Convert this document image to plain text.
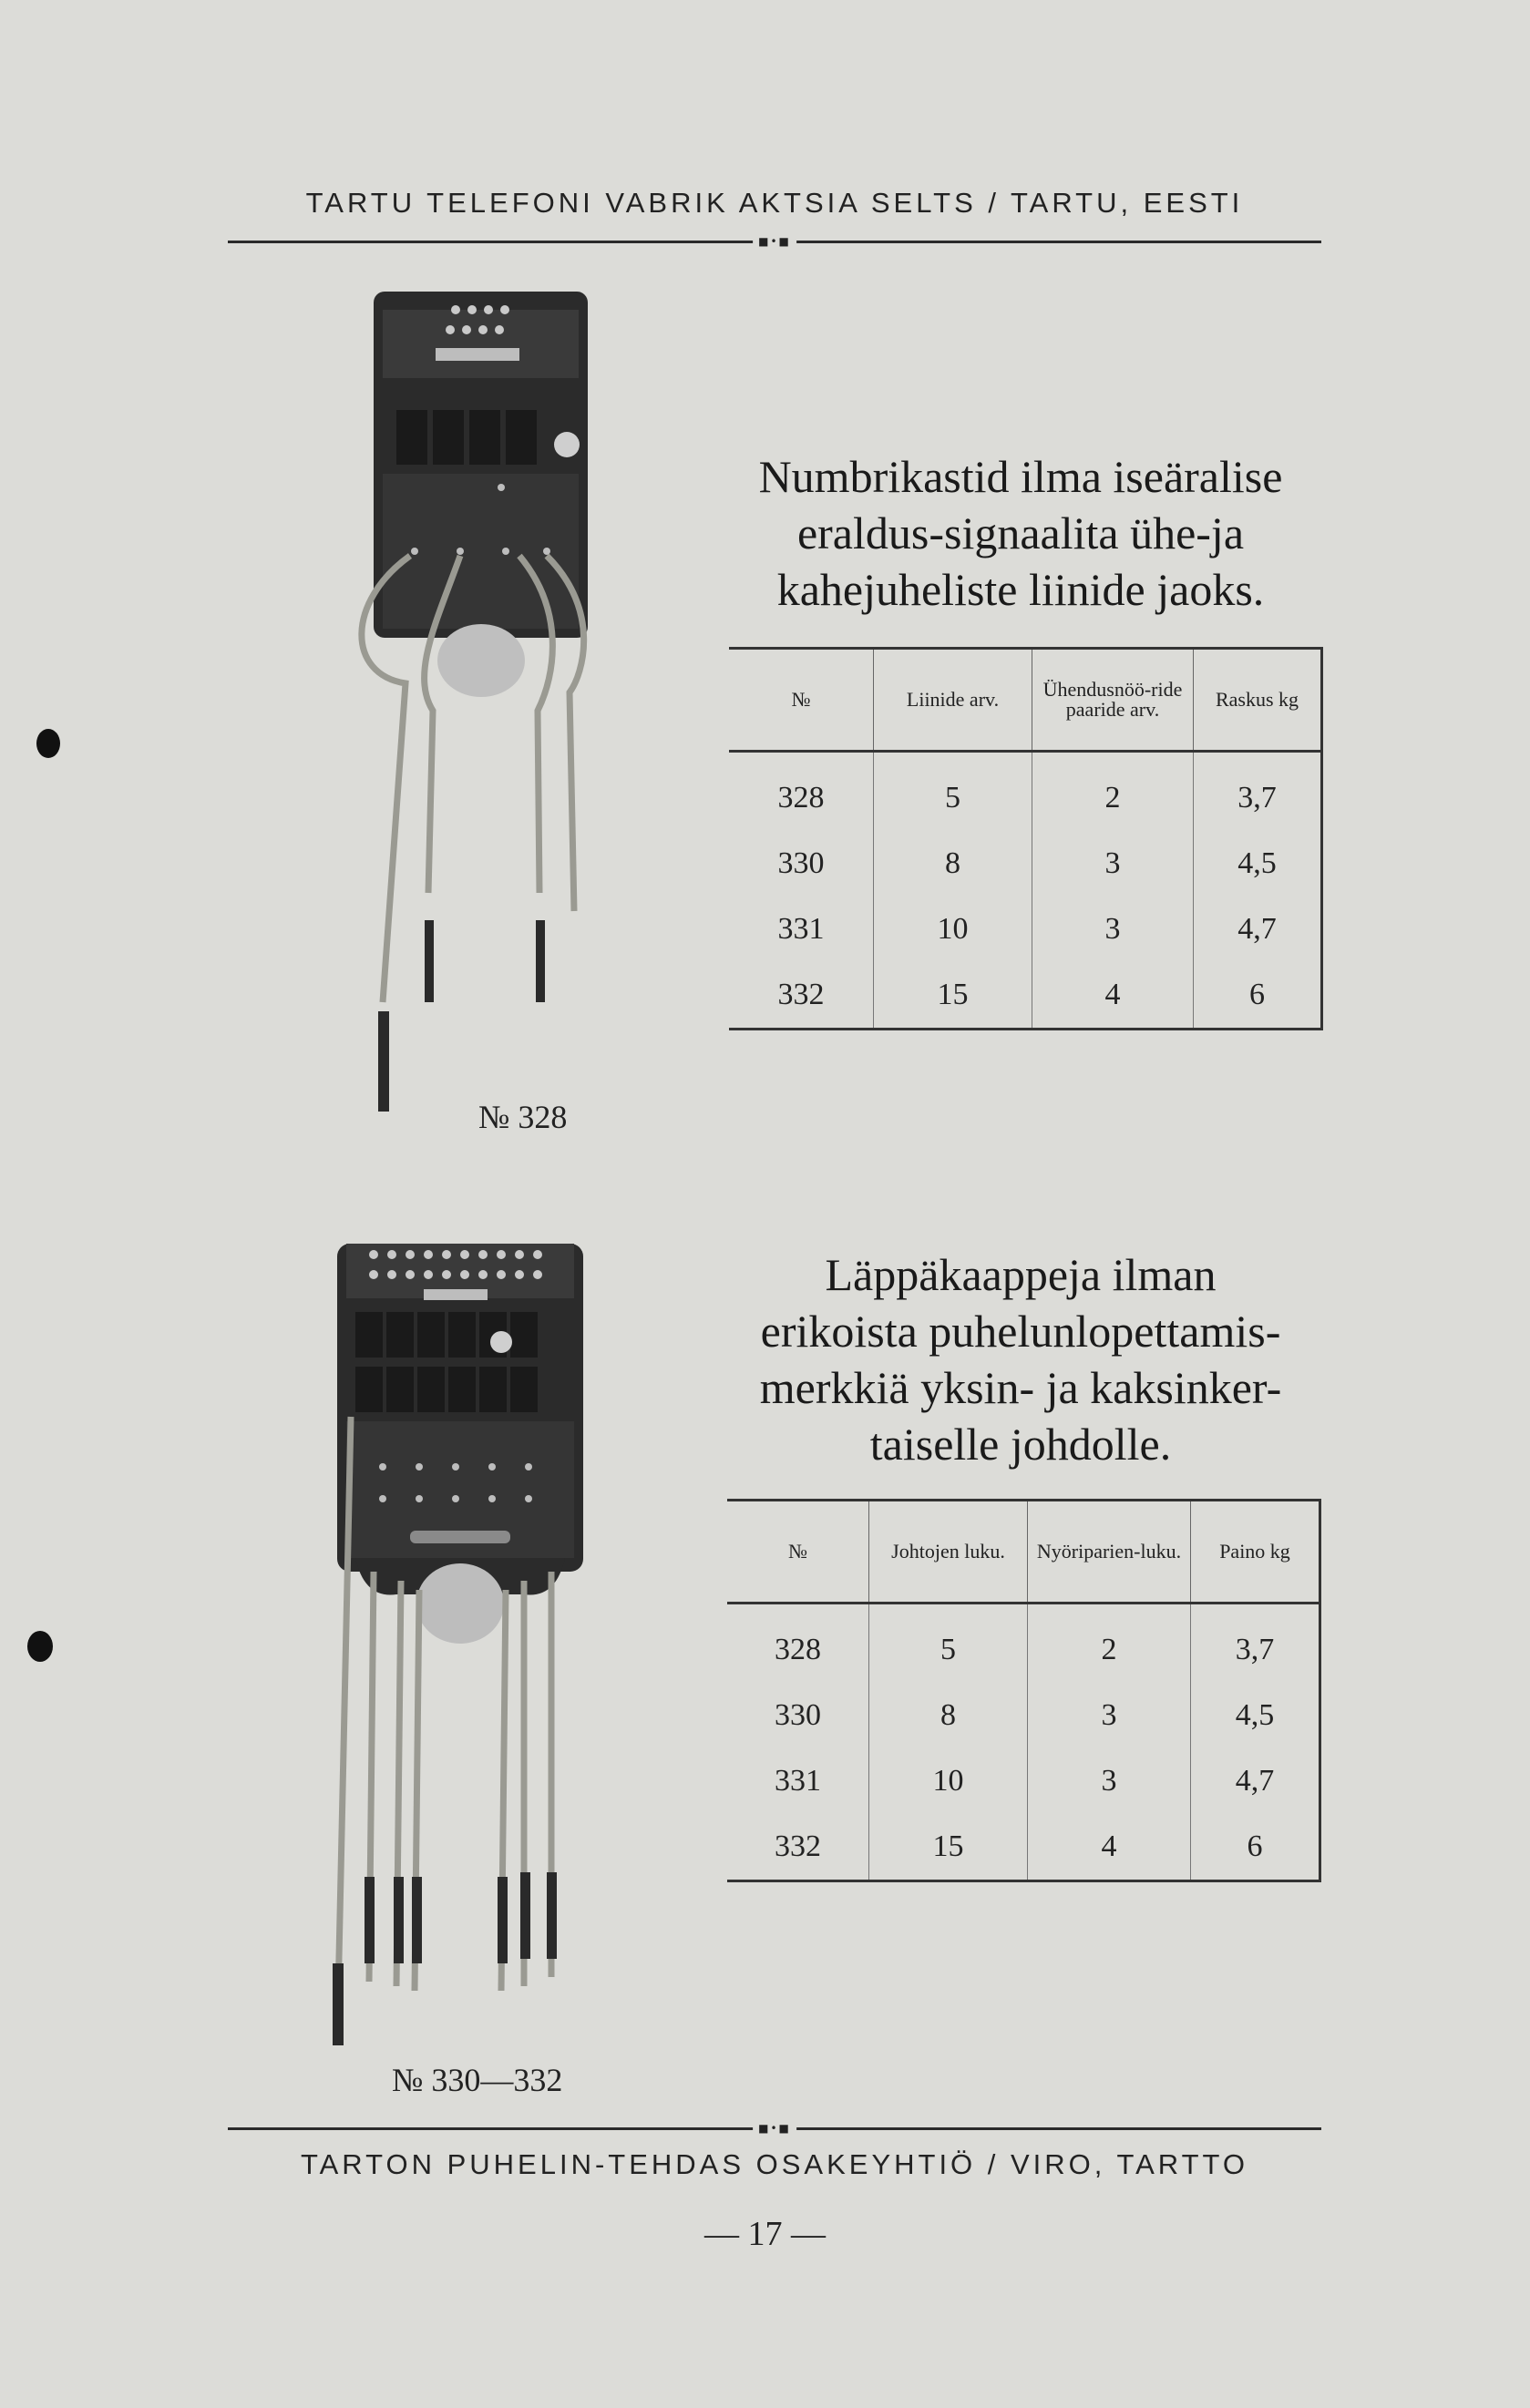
TARTU TELEFONI VABRIK AKTSIA SELTS / TARTU, EESTI
■•■
Numbrikastid ilma iseäralise
eraldus-signaalita ühe-ja
kahejuheliste liinide jaoks.
№	Liinide arv.	Ühendusnöö-ride paaride arv.	Raskus kg
328	5	2	3,7
330	8	3	4,5
331	10	3	4,7
332	15	4	6
№ 328
Läppäkaappeja ilman
erikoista puhelunlopettamis-
merkkiä yksin- ja kaksinker-
taiselle johdolle.
№	Johtojen luku.	Nyöriparien-luku.	Paino kg
328	5	2	3,7
330	8	3	4,5
331	10	3	4,7
332	15	4	6
№ 330—332
■•■
TARTON PUHELIN-TEHDAS OSAKEYHTIÖ / VIRO, TARTTO
— 17 —
